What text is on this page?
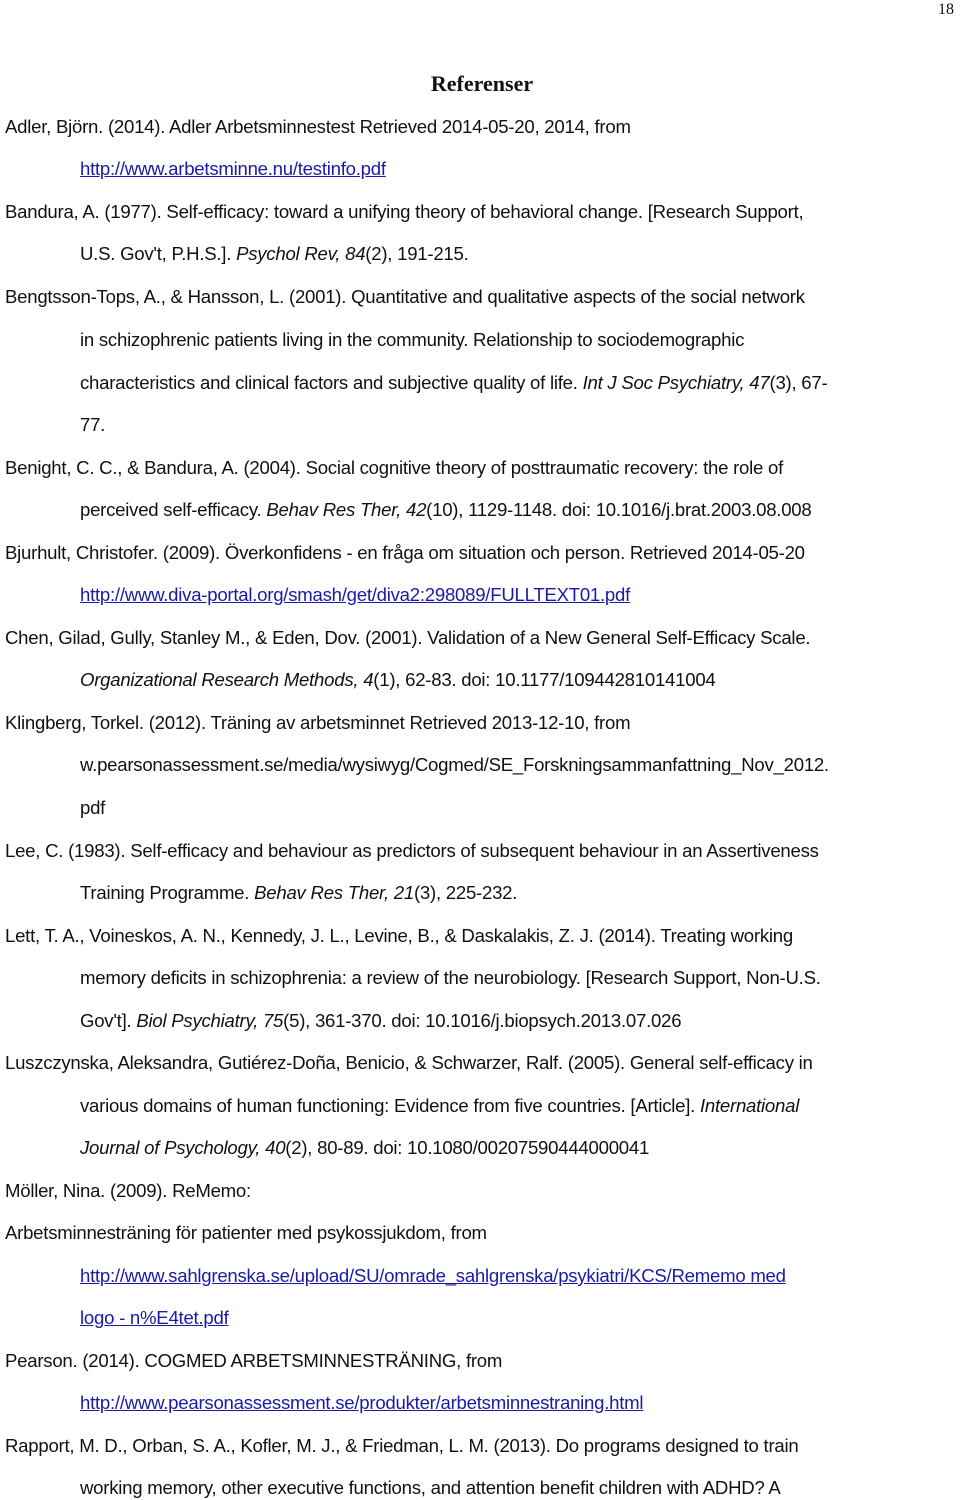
18
Referenser
Adler, Björn. (2014). Adler Arbetsminnestest Retrieved 2014-05-20, 2014, from
http://www.arbetsminne.nu/testinfo.pdf
Bandura, A. (1977). Self-efficacy: toward a unifying theory of behavioral change. [Research Support,
U.S. Gov't, P.H.S.]. Psychol Rev, 84(2), 191-215.
Bengtsson-Tops, A., & Hansson, L. (2001). Quantitative and qualitative aspects of the social network
in schizophrenic patients living in the community. Relationship to sociodemographic
characteristics and clinical factors and subjective quality of life. Int J Soc Psychiatry, 47(3), 67-
77.
Benight, C. C., & Bandura, A. (2004). Social cognitive theory of posttraumatic recovery: the role of
perceived self-efficacy. Behav Res Ther, 42(10), 1129-1148. doi: 10.1016/j.brat.2003.08.008
Bjurhult, Christofer. (2009). Överkonfidens - en fråga om situation och person. Retrieved 2014-05-20
http://www.diva-portal.org/smash/get/diva2:298089/FULLTEXT01.pdf
Chen, Gilad, Gully, Stanley M., & Eden, Dov. (2001). Validation of a New General Self-Efficacy Scale.
Organizational Research Methods, 4(1), 62-83. doi: 10.1177/109442810141004
Klingberg, Torkel. (2012). Träning av arbetsminnet Retrieved 2013-12-10, from
w.pearsonassessment.se/media/wysiwyg/Cogmed/SE_Forskningsammanfattning_Nov_2012.
pdf
Lee, C. (1983). Self-efficacy and behaviour as predictors of subsequent behaviour in an Assertiveness
Training Programme. Behav Res Ther, 21(3), 225-232.
Lett, T. A., Voineskos, A. N., Kennedy, J. L., Levine, B., & Daskalakis, Z. J. (2014). Treating working
memory deficits in schizophrenia: a review of the neurobiology. [Research Support, Non-U.S.
Gov't]. Biol Psychiatry, 75(5), 361-370. doi: 10.1016/j.biopsych.2013.07.026
Luszczynska, Aleksandra, Gutiérez-Doña, Benicio, & Schwarzer, Ralf. (2005). General self-efficacy in
various domains of human functioning: Evidence from five countries. [Article]. International
Journal of Psychology, 40(2), 80-89. doi: 10.1080/00207590444000041
Möller, Nina. (2009). ReMemo:
Arbetsminnesträning för patienter med psykossjukdom, from
http://www.sahlgrenska.se/upload/SU/omrade_sahlgrenska/psykiatri/KCS/Rememo med
logo - n%E4tet.pdf
Pearson. (2014). COGMED ARBETSMINNESTRÄNING, from
http://www.pearsonassessment.se/produkter/arbetsminnestraning.html
Rapport, M. D., Orban, S. A., Kofler, M. J., & Friedman, L. M. (2013). Do programs designed to train
working memory, other executive functions, and attention benefit children with ADHD? A
